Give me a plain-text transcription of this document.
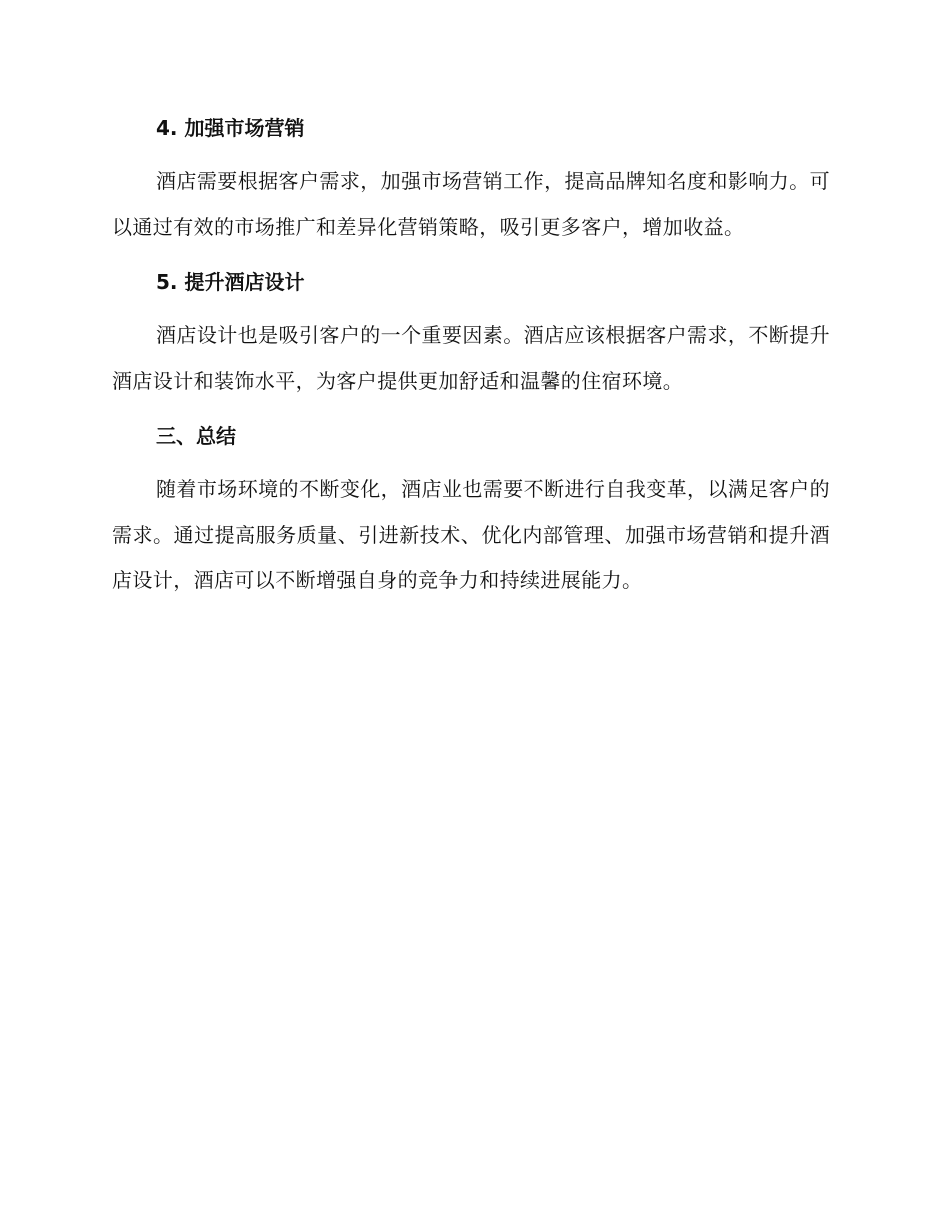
4. 加强市场营销

酒店需要根据客户需求，加强市场营销工作，提高品牌知名度和影响力。可以通过有效的市场推广和差异化营销策略，吸引更多客户，增加收益。

5. 提升酒店设计

酒店设计也是吸引客户的一个重要因素。酒店应该根据客户需求，不断提升酒店设计和装饰水平，为客户提供更加舒适和温馨的住宿环境。

三、总结

随着市场环境的不断变化，酒店业也需要不断进行自我变革，以满足客户的需求。通过提高服务质量、引进新技术、优化内部管理、加强市场营销和提升酒店设计，酒店可以不断增强自身的竞争力和持续进展能力。
